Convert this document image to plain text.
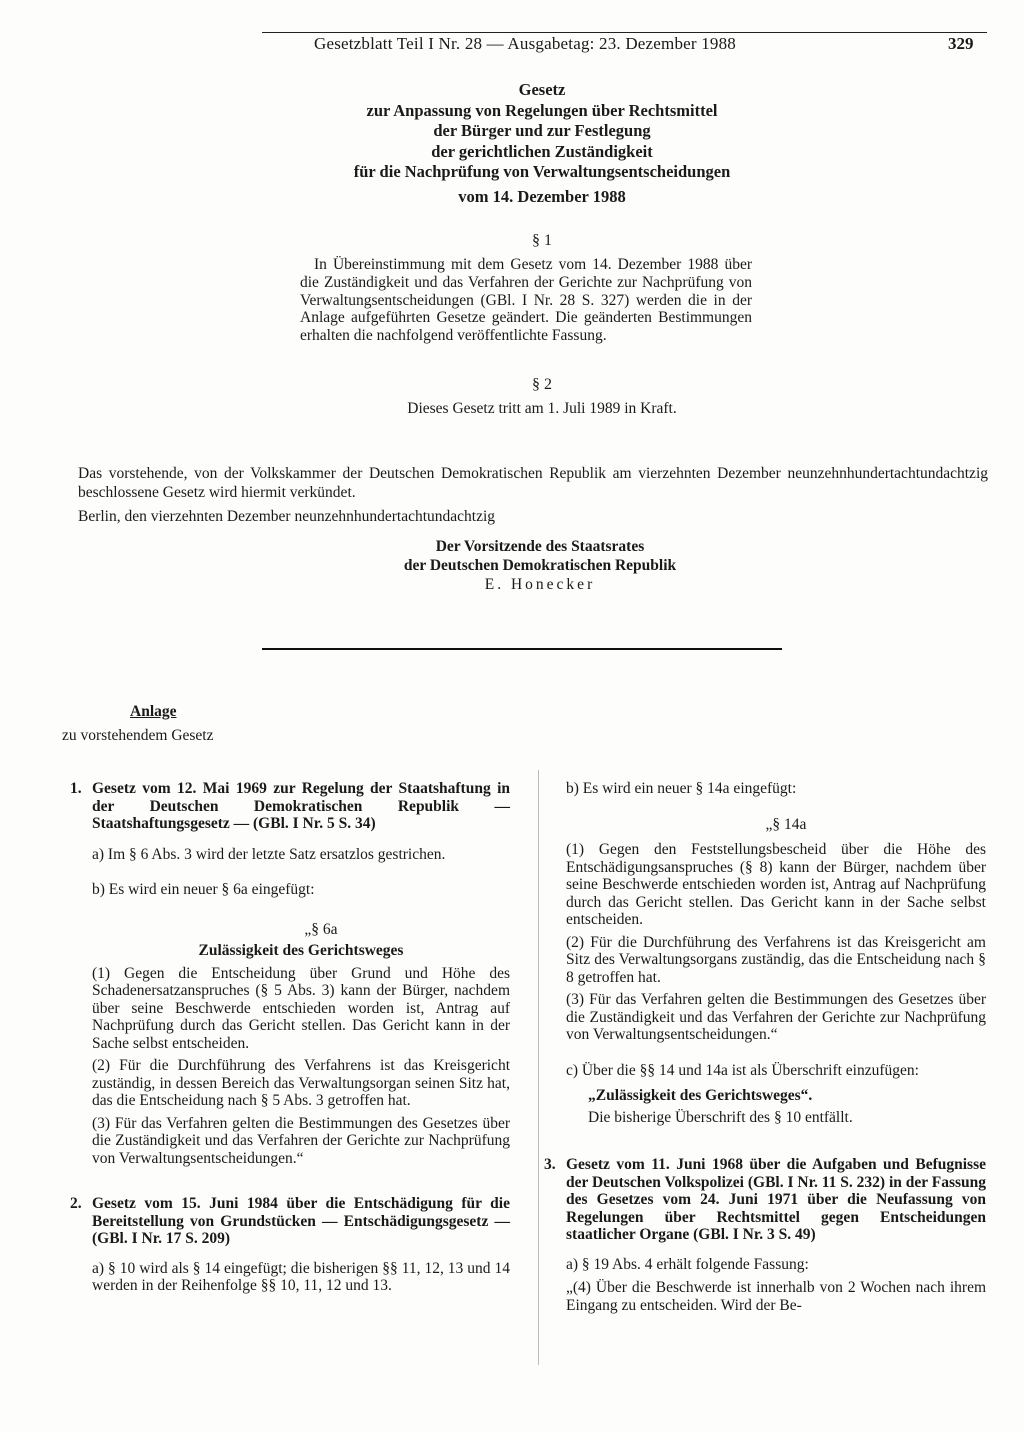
Gesetzblatt Teil I Nr. 28 — Ausgabetag: 23. Dezember 1988	329
Gesetz
zur Anpassung von Regelungen über Rechtsmittel
der Bürger und zur Festlegung
der gerichtlichen Zuständigkeit
für die Nachprüfung von Verwaltungsentscheidungen
vom 14. Dezember 1988
§ 1
In Übereinstimmung mit dem Gesetz vom 14. Dezember 1988 über die Zuständigkeit und das Verfahren der Gerichte zur Nachprüfung von Verwaltungsentscheidungen (GBl. I Nr. 28 S. 327) werden die in der Anlage aufgeführten Gesetze geändert. Die geänderten Bestimmungen erhalten die nachfolgend veröffentlichte Fassung.
§ 2
Dieses Gesetz tritt am 1. Juli 1989 in Kraft.
Das vorstehende, von der Volkskammer der Deutschen Demokratischen Republik am vierzehnten Dezember neunzehnhundertachtundachtzig beschlossene Gesetz wird hiermit verkündet.
Berlin, den vierzehnten Dezember neunzehnhundertachtundachtzig
Der Vorsitzende des Staatsrates
der Deutschen Demokratischen Republik
E. Honecker
Anlage
zu vorstehendem Gesetz
1. Gesetz vom 12. Mai 1969 zur Regelung der Staatshaftung in der Deutschen Demokratischen Republik — Staatshaftungsgesetz — (GBl. I Nr. 5 S. 34)

a) Im § 6 Abs. 3 wird der letzte Satz ersatzlos gestrichen.

b) Es wird ein neuer § 6a eingefügt:

„§ 6a

Zulässigkeit des Gerichtsweges

(1) Gegen die Entscheidung über Grund und Höhe des Schadenersatzanspruches (§ 5 Abs. 3) kann der Bürger, nachdem über seine Beschwerde entschieden worden ist, Antrag auf Nachprüfung durch das Gericht stellen. Das Gericht kann in der Sache selbst entscheiden.

(2) Für die Durchführung des Verfahrens ist das Kreisgericht zuständig, in dessen Bereich das Verwaltungsorgan seinen Sitz hat, das die Entscheidung nach § 5 Abs. 3 getroffen hat.

(3) Für das Verfahren gelten die Bestimmungen des Gesetzes über die Zuständigkeit und das Verfahren der Gerichte zur Nachprüfung von Verwaltungsentscheidungen.“

2. Gesetz vom 15. Juni 1984 über die Entschädigung für die Bereitstellung von Grundstücken — Entschädigungsgesetz — (GBl. I Nr. 17 S. 209)

a) § 10 wird als § 14 eingefügt; die bisherigen §§ 11, 12, 13 und 14 werden in der Reihenfolge §§ 10, 11, 12 und 13.

b) Es wird ein neuer § 14a eingefügt:

„§ 14a

(1) Gegen den Feststellungsbescheid über die Höhe des Entschädigungsanspruches (§ 8) kann der Bürger, nachdem über seine Beschwerde entschieden worden ist, Antrag auf Nachprüfung durch das Gericht stellen. Das Gericht kann in der Sache selbst entscheiden.

(2) Für die Durchführung des Verfahrens ist das Kreisgericht am Sitz des Verwaltungsorgans zuständig, das die Entscheidung nach § 8 getroffen hat.

(3) Für das Verfahren gelten die Bestimmungen des Gesetzes über die Zuständigkeit und das Verfahren der Gerichte zur Nachprüfung von Verwaltungsentscheidungen.“

c) Über die §§ 14 und 14a ist als Überschrift einzufügen:

„Zulässigkeit des Gerichtsweges“.

Die bisherige Überschrift des § 10 entfällt.

3. Gesetz vom 11. Juni 1968 über die Aufgaben und Befugnisse der Deutschen Volkspolizei (GBl. I Nr. 11 S. 232) in der Fassung des Gesetzes vom 24. Juni 1971 über die Neufassung von Regelungen über Rechtsmittel gegen Entscheidungen staatlicher Organe (GBl. I Nr. 3 S. 49)

a) § 19 Abs. 4 erhält folgende Fassung:

„(4) Über die Beschwerde ist innerhalb von 2 Wochen nach ihrem Eingang zu entscheiden. Wird der Be-
